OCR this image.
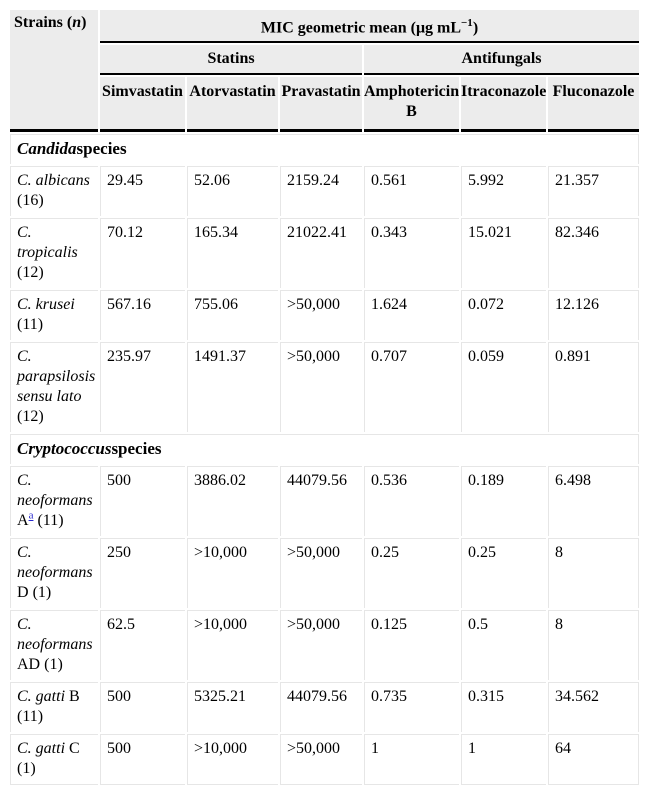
Strains (n)	MIC geometric mean (μg $mL^{-1}$)					
	Statins			Antifungals		
	Simvastatin	Atorvastatin	Pravastatin	Amphotericin B	Itraconazole	Fluconazole
Candidaspecies						
C. albicans (16)	29.45	52.06	2159.24	0.561	5.992	21.357
C. tropicalis (12)	70.12	165.34	21022.41	0.343	15.021	82.346
C. krusei (11)	567.16	755.06	>50,000	1.624	0.072	12.126
C. parapsilosis sensu lato (12)	235.97	1491.37	>50,000	0.707	0.059	0.891
Cryptococcusspecies						
C. neoformans A$^a$ (11)	500	3886.02	44079.56	0.536	0.189	6.498
C. neoformans D (1)	250	>10,000	>50,000	0.25	0.25	8
C. neoformans AD (1)	62.5	>10,000	>50,000	0.125	0.5	8
C. gatti B (11)	500	5325.21	44079.56	0.735	0.315	34.562
C. gatti C (1)	500	>10,000	>50,000	1	1	64
